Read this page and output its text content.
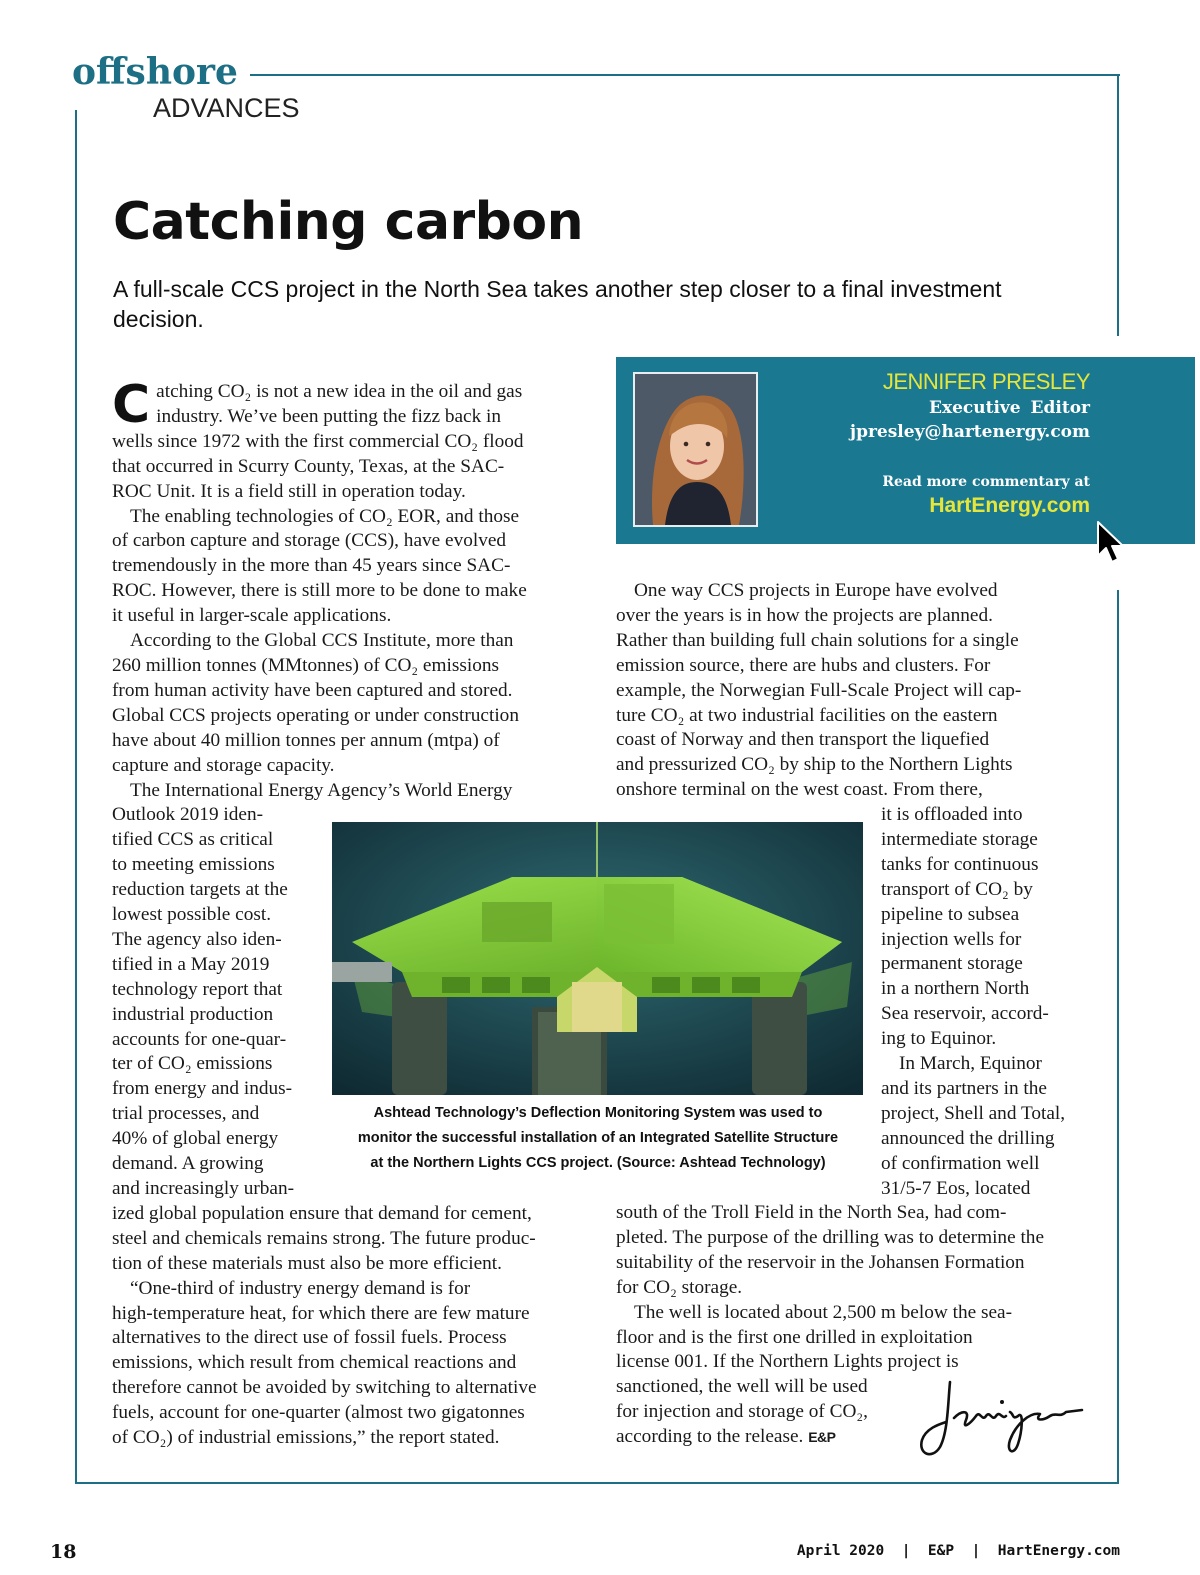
offshore
ADVANCES
Catching carbon
A full-scale CCS project in the North Sea takes another step closer to a final investment decision.
JENNIFER PRESLEY
Executive Editor
jpresley@hartenergy.com
Read more commentary at
HartEnergy.com
C atching CO₂ is not a new idea in the oil and gas
industry. We’ve been putting the fizz back in
wells since 1972 with the first commercial CO₂ flood
that occurred in Scurry County, Texas, at the SAC-
ROC Unit. It is a field still in operation today.
The enabling technologies of CO₂ EOR, and those
of carbon capture and storage (CCS), have evolved
tremendously in the more than 45 years since SAC-
ROC. However, there is still more to be done to make
it useful in larger-scale applications.
According to the Global CCS Institute, more than
260 million tonnes (MMtonnes) of CO₂ emissions
from human activity have been captured and stored.
Global CCS projects operating or under construction
have about 40 million tonnes per annum (mtpa) of
capture and storage capacity.
The International Energy Agency’s World Energy
Outlook 2019 iden-
tified CCS as critical
to meeting emissions
reduction targets at the
lowest possible cost.
The agency also iden-
tified in a May 2019
technology report that
industrial production
accounts for one-quar-
ter of CO₂ emissions
from energy and indus-
trial processes, and
40% of global energy
demand. A growing
and increasingly urban-
ized global population ensure that demand for cement,
steel and chemicals remains strong. The future produc-
tion of these materials must also be more efficient.
“One-third of industry energy demand is for
high-temperature heat, for which there are few mature
alternatives to the direct use of fossil fuels. Process
emissions, which result from chemical reactions and
therefore cannot be avoided by switching to alternative
fuels, account for one-quarter (almost two gigatonnes
of CO₂) of industrial emissions,” the report stated.
One way CCS projects in Europe have evolved
over the years is in how the projects are planned.
Rather than building full chain solutions for a single
emission source, there are hubs and clusters. For
example, the Norwegian Full-Scale Project will cap-
ture CO₂ at two industrial facilities on the eastern
coast of Norway and then transport the liquefied
and pressurized CO₂ by ship to the Northern Lights
onshore terminal on the west coast. From there,
it is offloaded into
intermediate storage
tanks for continuous
transport of CO₂ by
pipeline to subsea
injection wells for
permanent storage
in a northern North
Sea reservoir, accord-
ing to Equinor.
In March, Equinor
and its partners in the
project, Shell and Total,
announced the drilling
of confirmation well
31/5-7 Eos, located
south of the Troll Field in the North Sea, had com-
pleted. The purpose of the drilling was to determine the
suitability of the reservoir in the Johansen Formation
for CO₂ storage.
The well is located about 2,500 m below the sea-
floor and is the first one drilled in exploitation
license 001. If the Northern Lights project is
sanctioned, the well will be used
for injection and storage of CO₂,
according to the release. E&P
Ashtead Technology’s Deflection Monitoring System was used to
monitor the successful installation of an Integrated Satellite Structure
at the Northern Lights CCS project. (Source: Ashtead Technology)
18	April 2020 | E&P | HartEnergy.com
